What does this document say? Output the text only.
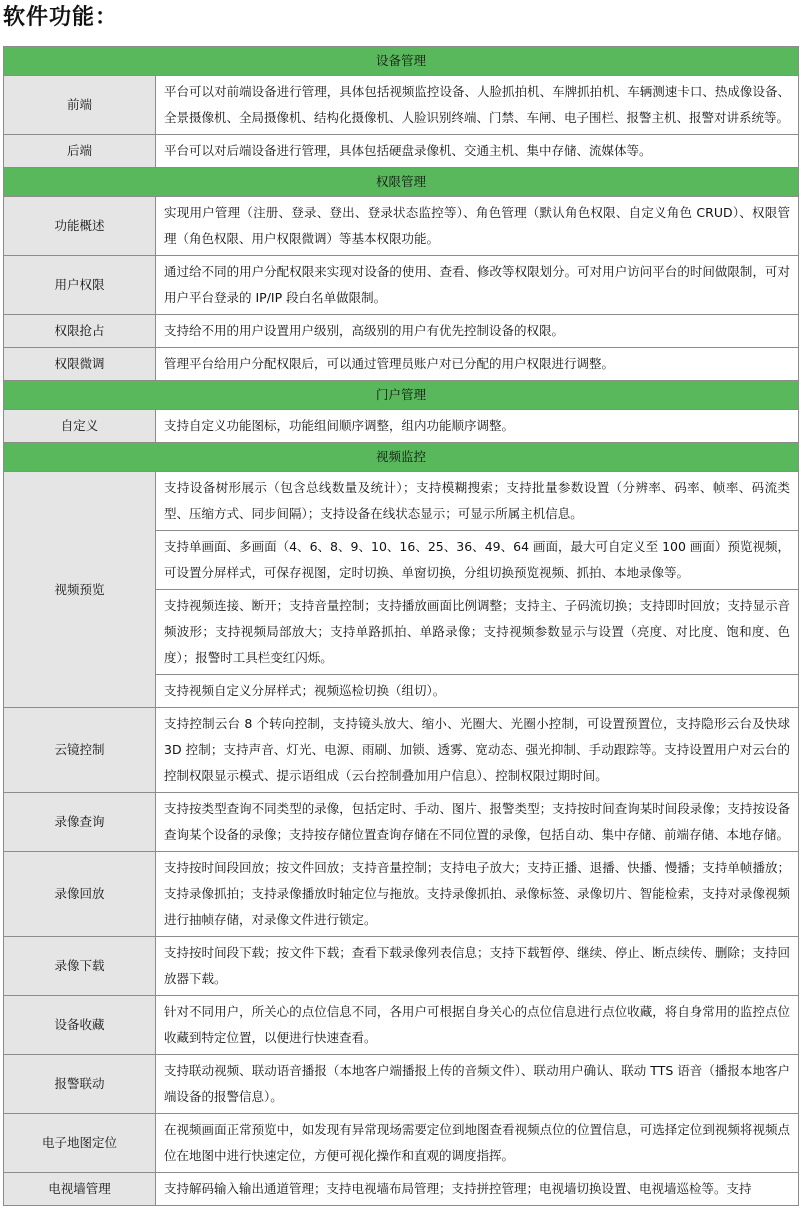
软件功能：
设备管理	
前端	平台可以对前端设备进行管理，具体包括视频监控设备、人脸抓拍机、车牌抓拍机、车辆测速卡口、热成像设备、全景摄像机、全局摄像机、结构化摄像机、人脸识别终端、门禁、车闸、电子围栏、报警主机、报警对讲系统等。
后端	平台可以对后端设备进行管理，具体包括硬盘录像机、交通主机、集中存储、流媒体等。
权限管理	
功能概述	实现用户管理（注册、登录、登出、登录状态监控等）、角色管理（默认角色权限、自定义角色 CRUD）、权限管理（角色权限、用户权限微调）等基本权限功能。
用户权限	通过给不同的用户分配权限来实现对设备的使用、查看、修改等权限划分。可对用户访问平台的时间做限制，可对用户平台登录的 IP/IP 段白名单做限制。
权限抢占	支持给不用的用户设置用户级别，高级别的用户有优先控制设备的权限。
权限微调	管理平台给用户分配权限后，可以通过管理员账户对已分配的用户权限进行调整。
门户管理	
自定义	支持自定义功能图标，功能组间顺序调整，组内功能顺序调整。
视频监控	
视频预览	支持设备树形展示（包含总线数量及统计）；支持模糊搜索；支持批量参数设置（分辨率、码率、帧率、码流类型、压缩方式、同步间隔）；支持设备在线状态显示；可显示所属主机信息。
	支持单画面、多画面（4、6、8、9、10、16、25、36、49、64 画面，最大可自定义至 100 画面）预览视频，可设置分屏样式，可保存视图，定时切换、单窗切换，分组切换预览视频、抓拍、本地录像等。
	支持视频连接、断开；支持音量控制；支持播放画面比例调整；支持主、子码流切换；支持即时回放；支持显示音频波形；支持视频局部放大；支持单路抓拍、单路录像；支持视频参数显示与设置（亮度、对比度、饱和度、色度）；报警时工具栏变红闪烁。
	支持视频自定义分屏样式；视频巡检切换（组切）。
云镜控制	支持控制云台 8 个转向控制，支持镜头放大、缩小、光圈大、光圈小控制，可设置预置位，支持隐形云台及快球 3D 控制；支持声音、灯光、电源、雨刷、加锁、透雾、宽动态、强光抑制、手动跟踪等。支持设置用户对云台的控制权限显示模式、提示语组成（云台控制叠加用户信息）、控制权限过期时间。
录像查询	支持按类型查询不同类型的录像，包括定时、手动、图片、报警类型；支持按时间查询某时间段录像；支持按设备查询某个设备的录像；支持按存储位置查询存储在不同位置的录像，包括自动、集中存储、前端存储、本地存储。
录像回放	支持按时间段回放；按文件回放；支持音量控制；支持电子放大；支持正播、退播、快播、慢播；支持单帧播放；支持录像抓拍；支持录像播放时轴定位与拖放。支持录像抓拍、录像标签、录像切片、智能检索，支持对录像视频进行抽帧存储，对录像文件进行锁定。
录像下载	支持按时间段下载；按文件下载；查看下载录像列表信息；支持下载暂停、继续、停止、断点续传、删除；支持回放器下载。
设备收藏	针对不同用户，所关心的点位信息不同，各用户可根据自身关心的点位信息进行点位收藏，将自身常用的监控点位收藏到特定位置，以便进行快速查看。
报警联动	支持联动视频、联动语音播报（本地客户端播报上传的音频文件）、联动用户确认、联动 TTS 语音（播报本地客户端设备的报警信息）。
电子地图定位	在视频画面正常预览中，如发现有异常现场需要定位到地图查看视频点位的位置信息，可选择定位到视频将视频点位在地图中进行快速定位，方便可视化操作和直观的调度指挥。
电视墙管理	支持解码输入输出通道管理；支持电视墙布局管理；支持拼控管理；电视墙切换设置、电视墙巡检等。支持
